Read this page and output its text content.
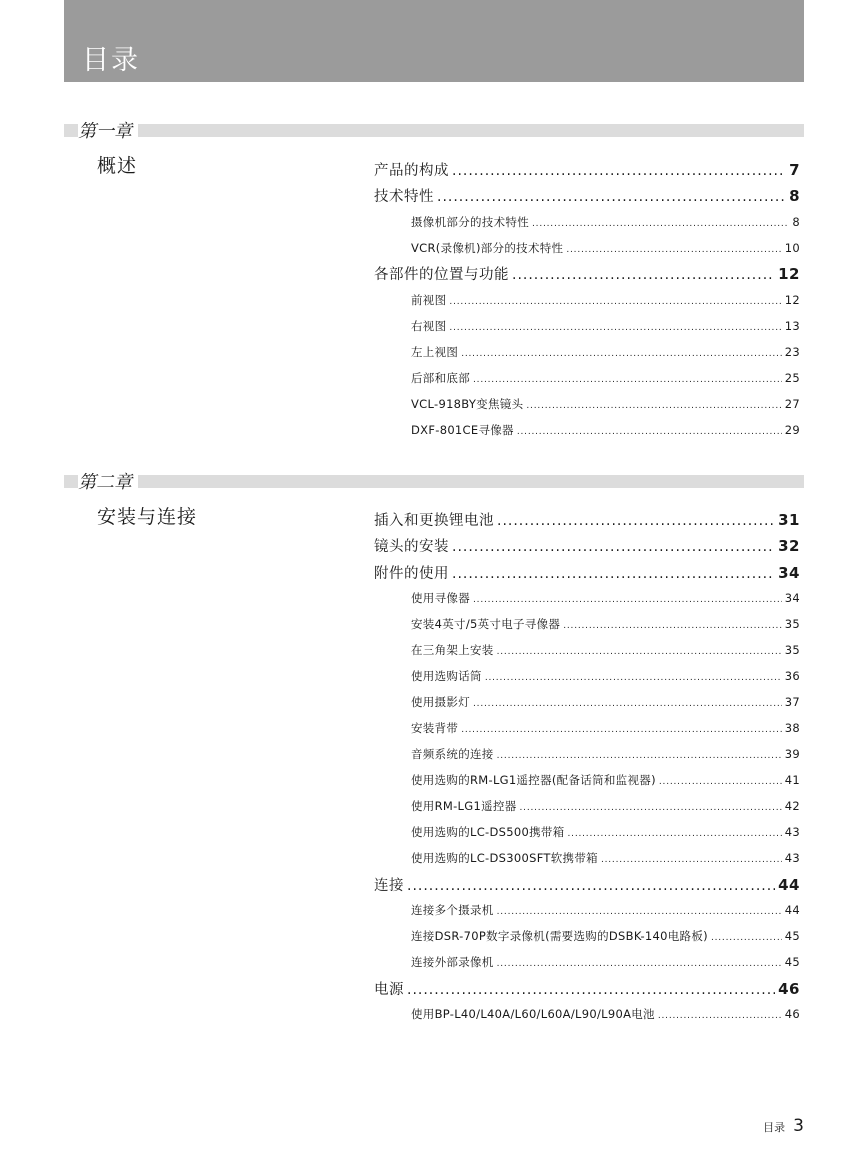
目录
第一章
概述
第二章
安装与连接
产品的构成 .....	7
技术特性 .....	8
摄像机部分的技术特性 .....	8
VCR(录像机)部分的技术特性 .....	10
各部件的位置与功能 .....	12
前视图 .....	12
右视图 .....	13
左上视图 .....	23
后部和底部 .....	25
VCL-918BY变焦镜头 .....	27
DXF-801CE寻像器 .....	29
插入和更换锂电池 .....	31
镜头的安装 .....	32
附件的使用 .....	34
使用寻像器 .....	34
安装4英寸/5英寸电子寻像器 .....	35
在三角架上安装 .....	35
使用选购话筒 .....	36
使用摄影灯 .....	37
安装背带 .....	38
音频系统的连接 .....	39
使用选购的RM-LG1遥控器(配备话筒和监视器) .....	41
使用RM-LG1遥控器 .....	42
使用选购的LC-DS500携带箱 .....	43
使用选购的LC-DS300SFT软携带箱 .....	43
连接 .....	44
连接多个摄录机 .....	44
连接DSR-70P数字录像机(需要选购的DSBK-140电路板) .....	45
连接外部录像机 .....	45
电源 .....	46
使用BP-L40/L40A/L60/L60A/L90/L90A电池 .....	46
目录 3
